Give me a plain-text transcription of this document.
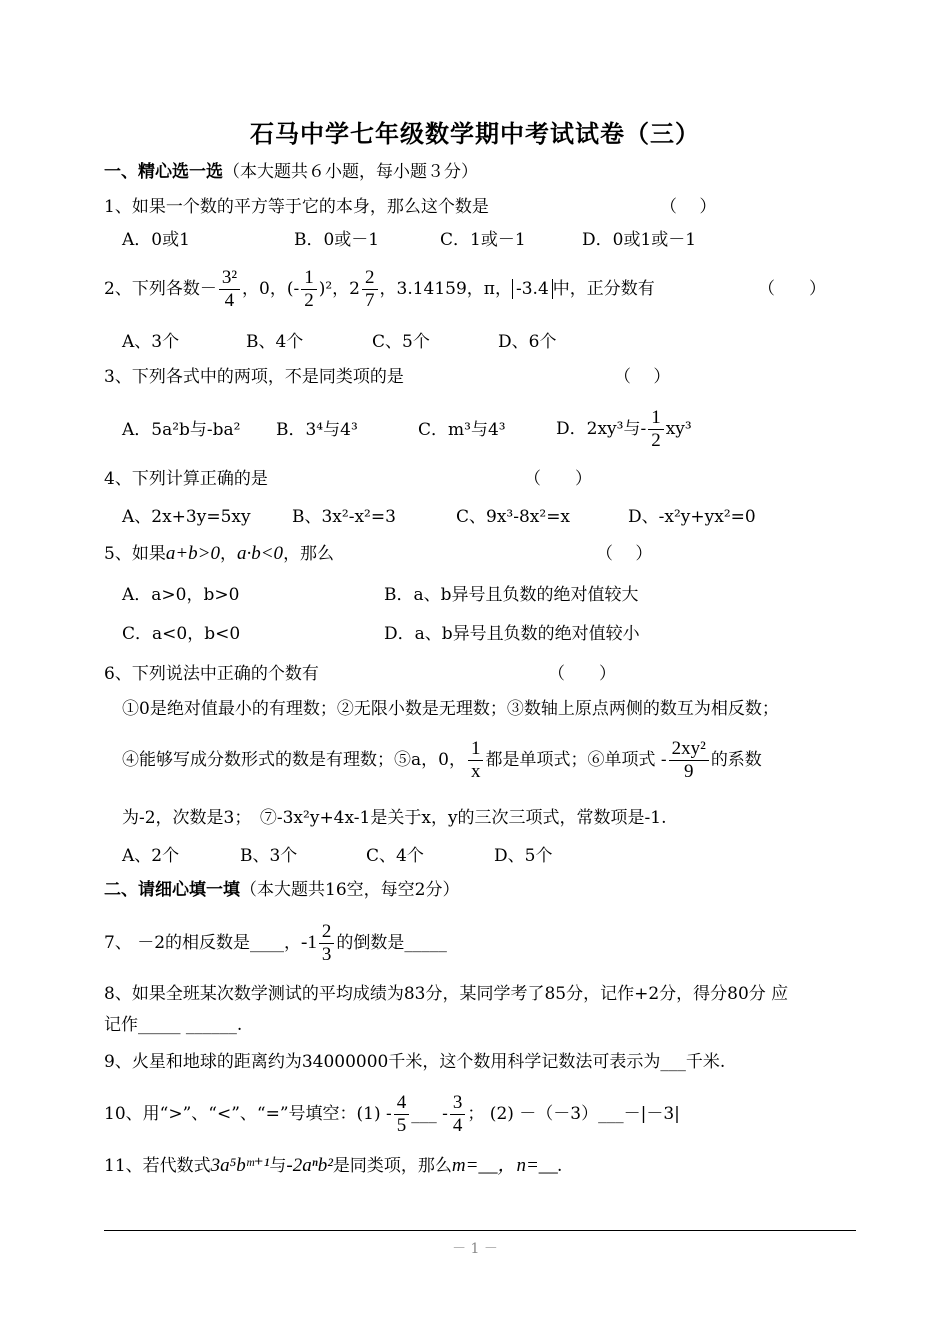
石马中学七年级数学期中考试试卷（三）
一、精心选一选（本大题共６小题，每小题３分）
1、如果一个数的平方等于它的本身，那么这个数是	（　 ）
A．0或1	B．0或－1	C．1或－1	D．0或1或－1
2、下列各数－ $\frac{\text{3²}}{4}$ ，0，(- $\frac{1}{2} )^2$，$2 \frac{2}{7}$ ，3.14159，π， -3.4 中，正分数有	（　　）
A、3个	B、4个	C、5个	D、6个
3、下列各式中的两项，不是同类项的是	（　 ）
A．5a²b与-ba² B．3⁴与4³	C．m³与4³	D．2xy³与- $\frac{1}{2} xy^3$
4、下列计算正确的是	（　　）
A、2x+3y=5xy B、3x²-x²=3	C、9x³-8x²=x	D、-x²y+yx²=0
5、如果a+b>0，a·b<0，那么	（　 ）
A．a>0，b>0	B．a、b异号且负数的绝对值较大
C．a<0，b<0	D．a、b异号且负数的绝对值较小
6、下列说法中正确的个数有	（　　）
①0是绝对值最小的有理数；②无限小数是无理数；③数轴上原点两侧的数互为相反数；
④能够写成分数形式的数是有理数；⑤a，0， $\frac{1}{x}$ 都是单项式；⑥单项式 - $\frac{\text{2xy²}}{9}$ 的系数
为-2，次数是3；　⑦-3x²y+4x-1是关于x，y的三次三项式，常数项是-1.
A、2个	B、3个	C、4个	D、5个
二、请细心填一填（本大题共16空，每空2分）
7、 －2的相反数是____，$-1 \frac{2}{3}$ 的倒数是_____
8、如果全班某次数学测试的平均成绩为83分，某同学考了85分，记作+2分，得分80分 应
记作_____ ______.
9、火星和地球的距离约为34000000千米，这个数用科学记数法可表示为___千米.
10、用“>”、“<”、“=”号填空：$(1) - \frac{4}{5}$ ___ - $\frac{3}{4}$ ； (2) －（－3）___－|－3|
11、若代数式3a⁵bᵐ⁺¹与-2aⁿb²是同类项，那么m=__，n=__.
－ 1 －
